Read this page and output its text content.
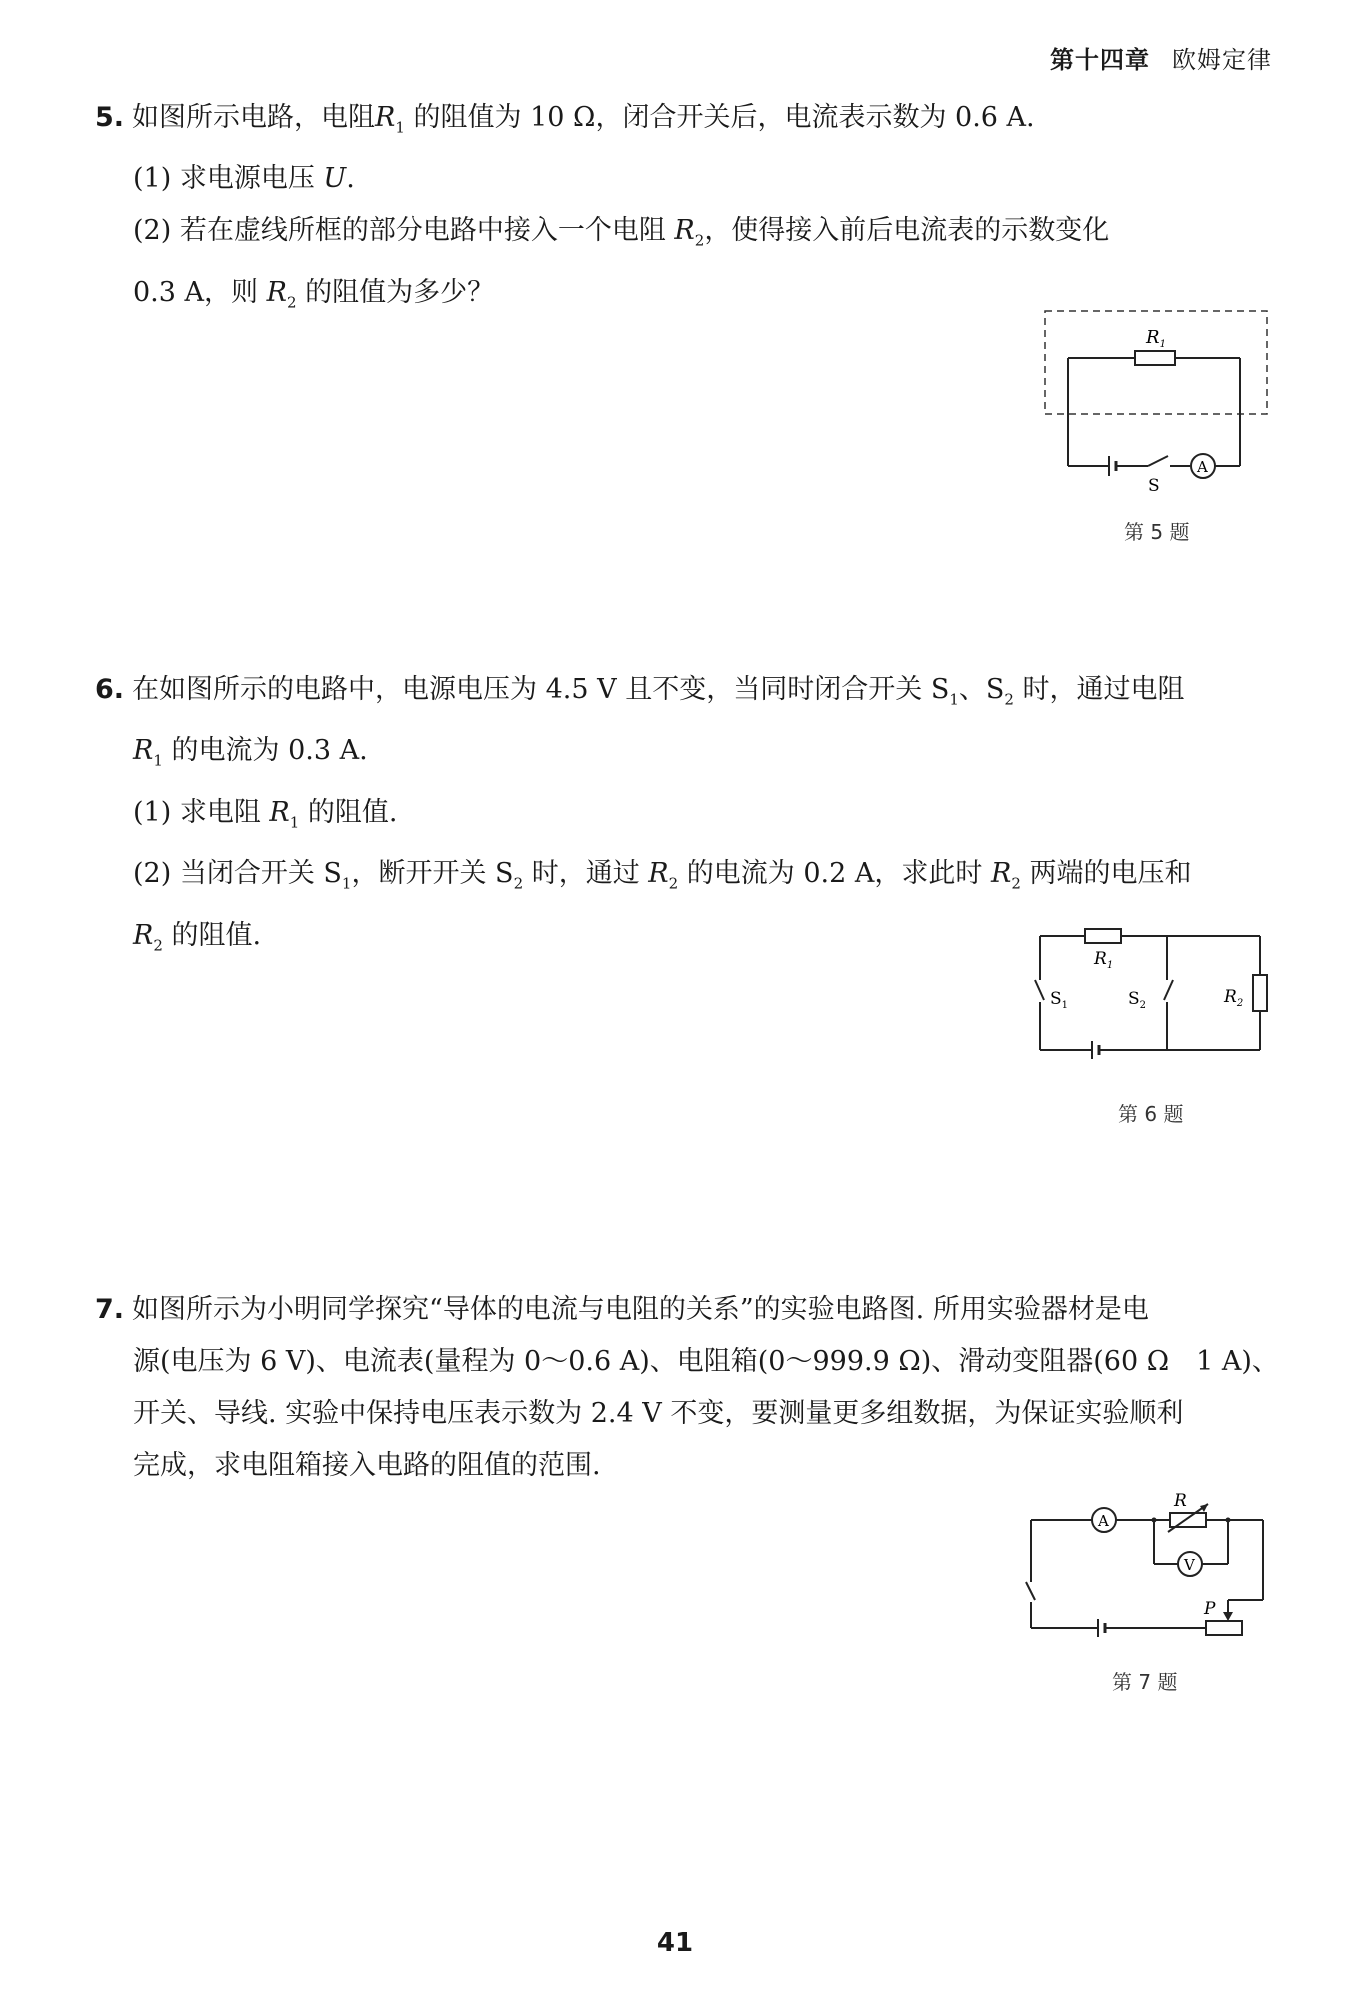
第十四章 欧姆定律
5. 如图所示电路，电阻$R_1$ 的阻值为 10 Ω，闭合开关后，电流表示数为 0.6 A.
(1) 求电源电压 U.
(2) 若在虚线所框的部分电路中接入一个电阻 $R_2$，使得接入前后电流表的示数变化
0.3 A，则 $R_2$ 的阻值为多少？
$R_1$
S
A
第 5 题
6. 在如图所示的电路中，电源电压为 4.5 V 且不变，当同时闭合开关 $S_1$、$S_2$ 时，通过电阻
$R_1$ 的电流为 0.3 A.
(1) 求电阻 $R_1$ 的阻值.
(2) 当闭合开关 $S_1$，断开开关 $S_2$ 时，通过 $R_2$ 的电流为 0.2 A，求此时 $R_2$ 两端的电压和
$R_2$ 的阻值.
$R_1$
$S_1$	$S_2$	$R_2$
第 6 题
7. 如图所示为小明同学探究“导体的电流与电阻的关系”的实验电路图. 所用实验器材是电
源(电压为 6 V)、电流表(量程为 0～0.6 A)、电阻箱(0～999.9 Ω)、滑动变阻器(60 Ω　1 A)、
开关、导线. 实验中保持电压表示数为 2.4 V 不变，要测量更多组数据，为保证实验顺利
完成，求电阻箱接入电路的阻值的范围.
A
R
V
P
第 7 题
41
